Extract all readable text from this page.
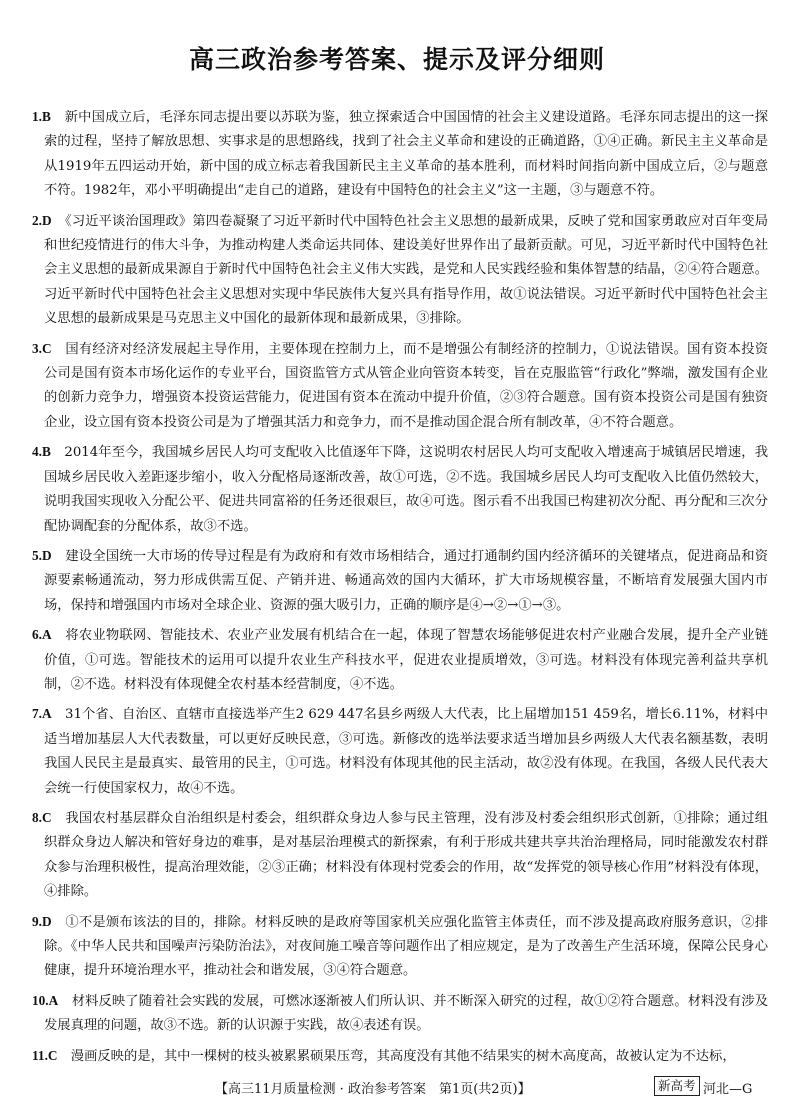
高三政治参考答案、提示及评分细则

1.B　 新中国成立后，毛泽东同志提出要以苏联为鉴，独立探索适合中国国情的社会主义建设道路。毛泽东同志提出的这一探索的过程，坚持了解放思想、实事求是的思想路线，找到了社会主义革命和建设的正确道路，①④正确。新民主主义革命是从1919年五四运动开始，新中国的成立标志着我国新民主主义革命的基本胜利，而材料时间指向新中国成立后，②与题意不符。1982年，邓小平明确提出“走自己的道路，建设有中国特色的社会主义”这一主题，③与题意不符。

2.D　 《习近平谈治国理政》第四卷凝聚了习近平新时代中国特色社会主义思想的最新成果，反映了党和国家勇敢应对百年变局和世纪疫情进行的伟大斗争，为推动构建人类命运共同体、建设美好世界作出了最新贡献。可见，习近平新时代中国特色社会主义思想的最新成果源自于新时代中国特色社会主义伟大实践，是党和人民实践经验和集体智慧的结晶，②④符合题意。习近平新时代中国特色社会主义思想对实现中华民族伟大复兴具有指导作用，故①说法错误。习近平新时代中国特色社会主义思想的最新成果是马克思主义中国化的最新体现和最新成果，③排除。

3.C　 国有经济对经济发展起主导作用，主要体现在控制力上，而不是增强公有制经济的控制力，①说法错误。国有资本投资公司是国有资本市场化运作的专业平台，国资监管方式从管企业向管资本转变，旨在克服监管“行政化”弊端，激发国有企业的创新力竞争力，增强资本投资运营能力，促进国有资本在流动中提升价值，②③符合题意。国有资本投资公司是国有独资企业，设立国有资本投资公司是为了增强其活力和竞争力，而不是推动国企混合所有制改革，④不符合题意。

4.B　 2014年至今，我国城乡居民人均可支配收入比值逐年下降，这说明农村居民人均可支配收入增速高于城镇居民增速，我国城乡居民收入差距逐步缩小，收入分配格局逐渐改善，故①可选，②不选。我国城乡居民人均可支配收入比值仍然较大，说明我国实现收入分配公平、促进共同富裕的任务还很艰巨，故④可选。图示看不出我国已构建初次分配、再分配和三次分配协调配套的分配体系，故③不选。

5.D　 建设全国统一大市场的传导过程是有为政府和有效市场相结合，通过打通制约国内经济循环的关键堵点，促进商品和资源要素畅通流动，努力形成供需互促、产销并进、畅通高效的国内大循环，扩大市场规模容量，不断培育发展强大国内市场，保持和增强国内市场对全球企业、资源的强大吸引力，正确的顺序是④→②→①→③。

6.A　 将农业物联网、智能技术、农业产业发展有机结合在一起，体现了智慧农场能够促进农村产业融合发展，提升全产业链价值，①可选。智能技术的运用可以提升农业生产科技水平，促进农业提质增效，③可选。材料没有体现完善利益共享机制，②不选。材料没有体现健全农村基本经营制度，④不选。

7.A　 31个省、自治区、直辖市直接选举产生2 629 447名县乡两级人大代表，比上届增加151 459名，增长6.11%，材料中适当增加基层人大代表数量，可以更好反映民意，③可选。新修改的选举法要求适当增加县乡两级人大代表名额基数，表明我国人民民主是最真实、最管用的民主，①可选。材料没有体现其他的民主活动，故②没有体现。在我国，各级人民代表大会统一行使国家权力，故④不选。

8.C　 我国农村基层群众自治组织是村委会，组织群众身边人参与民主管理，没有涉及村委会组织形式创新，①排除；通过组织群众身边人解决和管好身边的难事，是对基层治理模式的新探索，有利于形成共建共享共治治理格局，同时能激发农村群众参与治理积极性，提高治理效能，②③正确；材料没有体现村党委会的作用，故“发挥党的领导核心作用”材料没有体现，④排除。

9.D　 ①不是颁布该法的目的，排除。材料反映的是政府等国家机关应强化监管主体责任，而不涉及提高政府服务意识，②排除。《中华人民共和国噪声污染防治法》，对夜间施工噪音等问题作出了相应规定，是为了改善生产生活环境，保障公民身心健康，提升环境治理水平，推动社会和谐发展，③④符合题意。

10.A　 材料反映了随着社会实践的发展，可燃冰逐渐被人们所认识、并不断深入研究的过程，故①②符合题意。材料没有涉及发展真理的问题，故③不选。新的认识源于实践，故④表述有误。

11.C　 漫画反映的是，其中一棵树的枝头被累累硕果压弯，其高度没有其他不结果实的树木高度高，故被认定为不达标，

【高三11月质量检测 · 政治参考答案　第1页(共2页)】	新高考 河北—G
